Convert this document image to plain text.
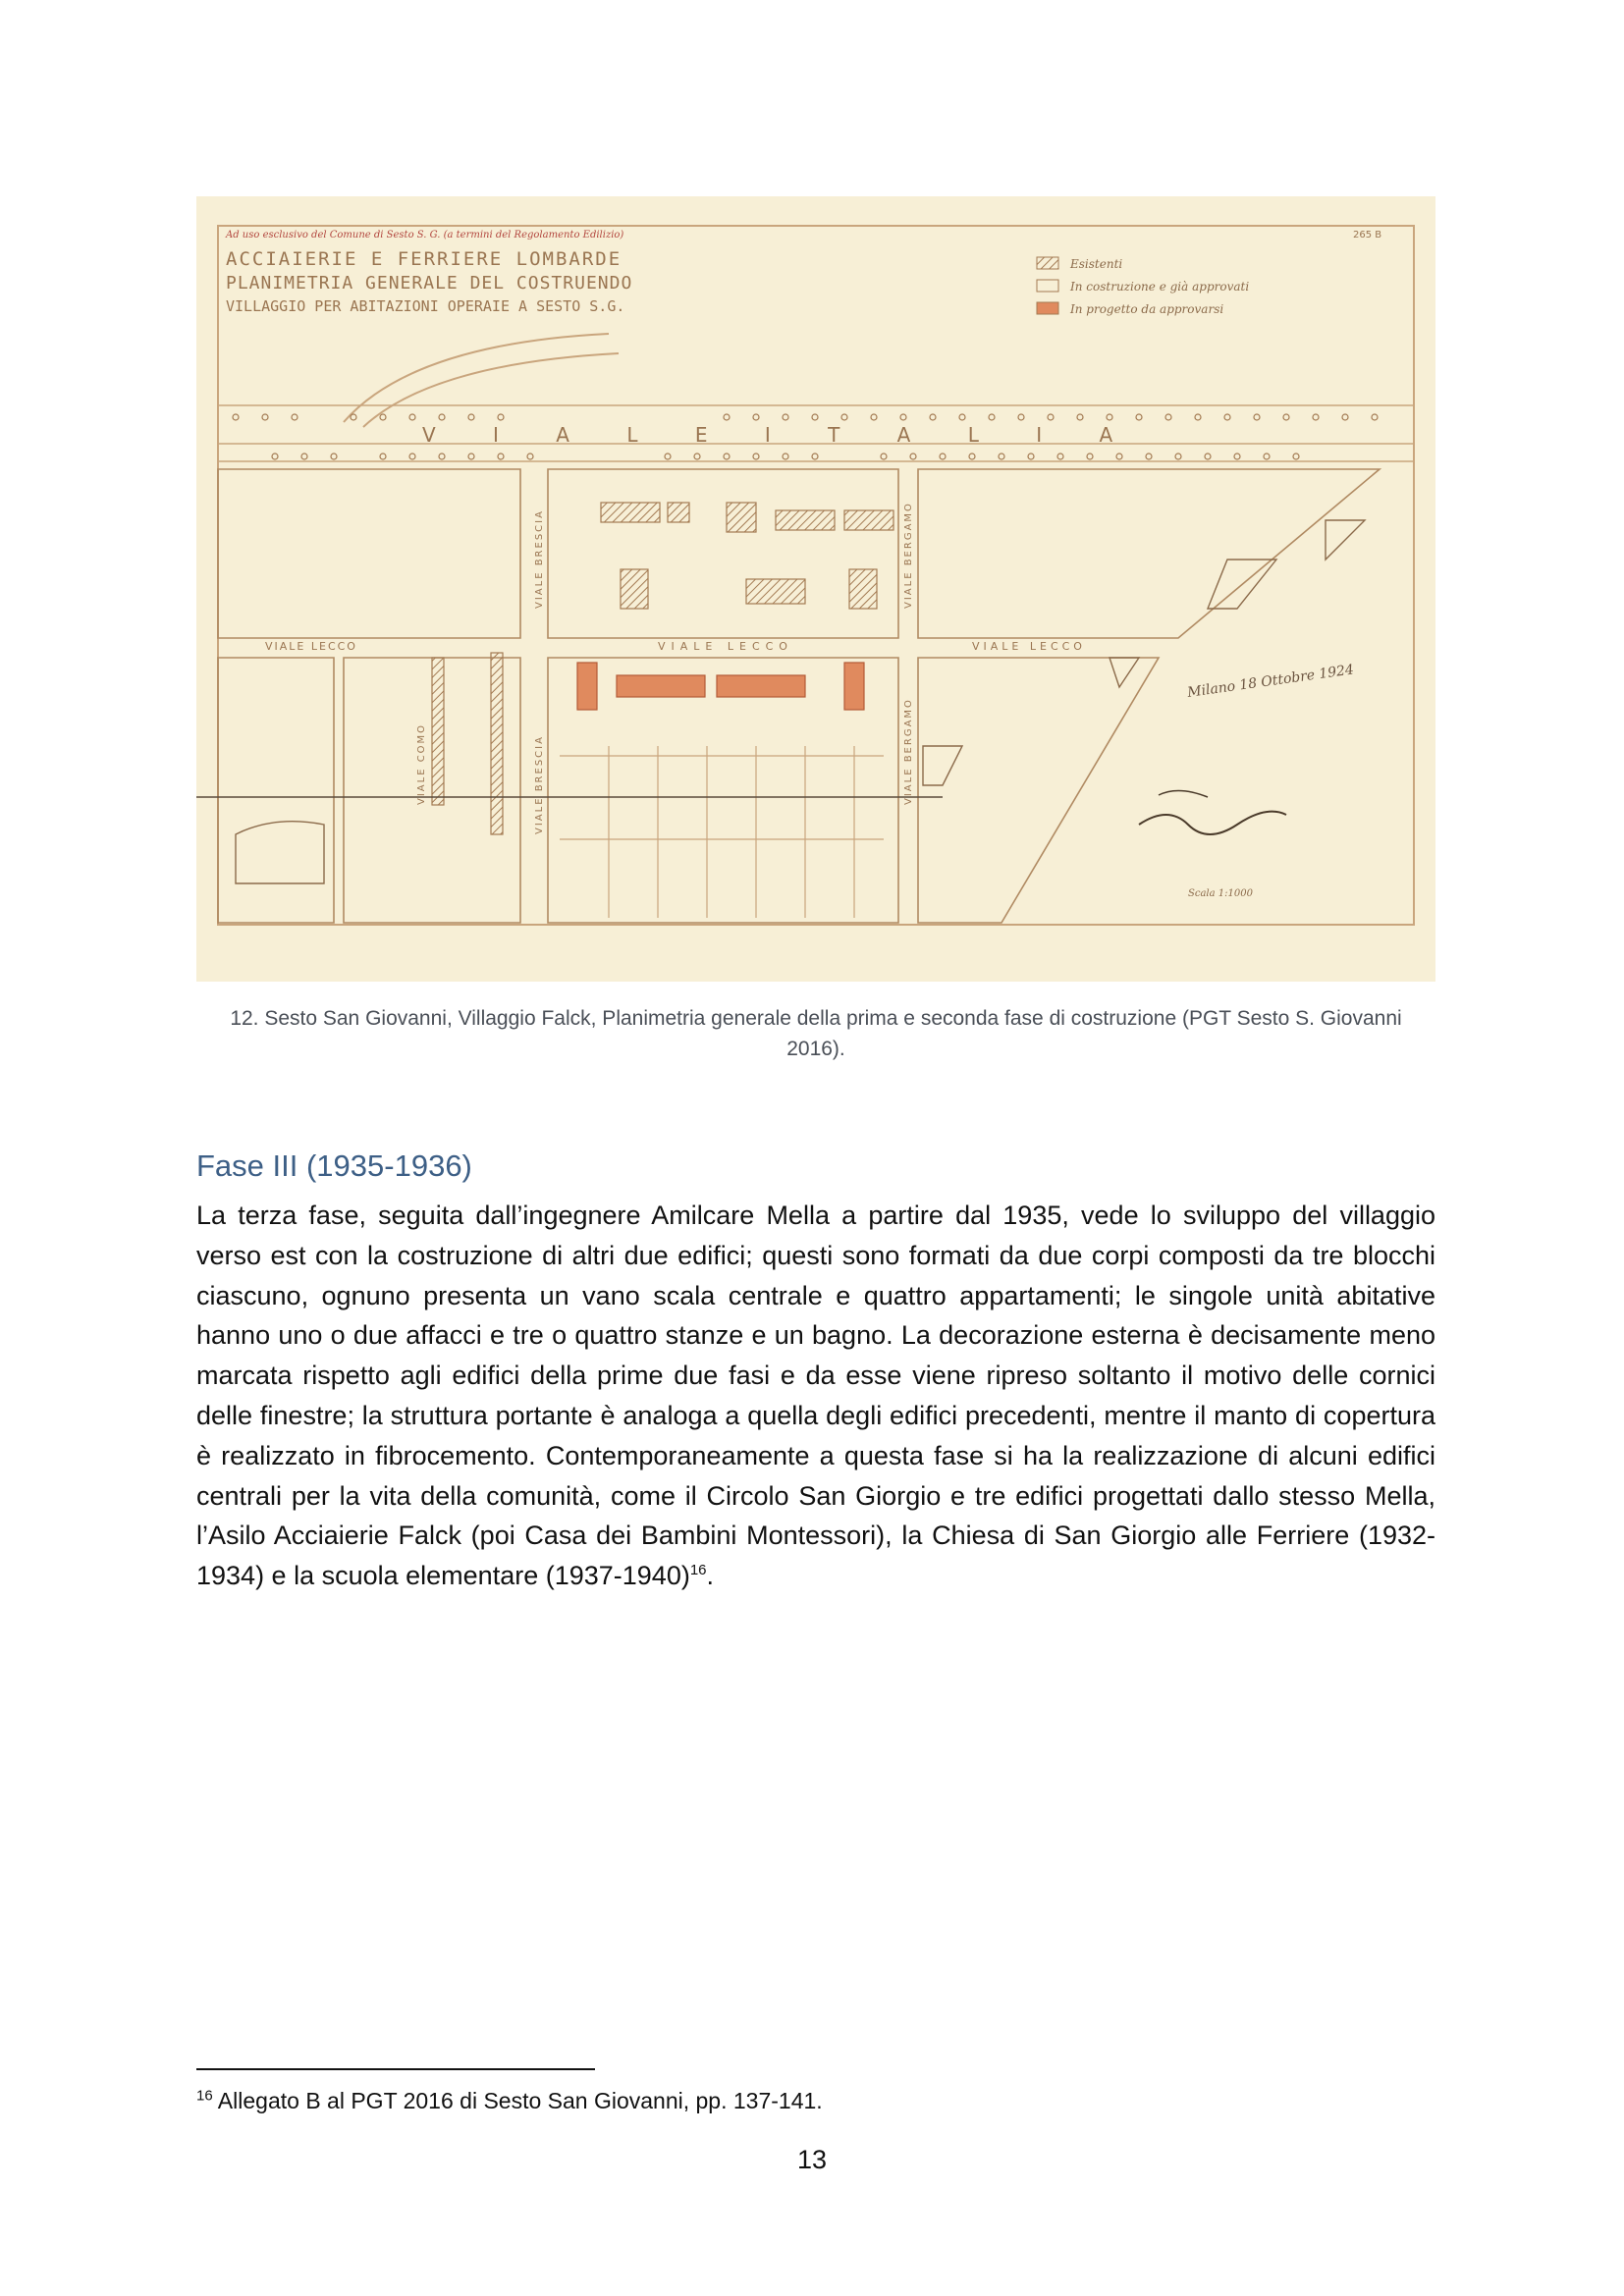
Ad uso esclusivo del Comune di Sesto S. G. (a termini del Regolamento Edilizio)
ACCIAIERIE E FERRIERE LOMBARDE
PLANIMETRIA GENERALE DEL COSTRUENDO
VILLAGGIO PER ABITAZIONI OPERAIE A SESTO S.G.
265 B
Esistenti
In costruzione e già approvati
In progetto da approvarsi
V I A L E I T A L I A
VIALE LECCO	VIALE LECCO	VIALE LECCO
VIALE BRESCIA
VIALE BRESCIA
VIALE BERGAMO
VIALE BERGAMO
VIALE COMO
Milano 18 Ottobre 1924
Scala 1:1000
12. Sesto San Giovanni, Villaggio Falck, Planimetria generale della prima e seconda fase di costruzione (PGT Sesto S. Giovanni 2016).
Fase III (1935-1936)

La terza fase, seguita dall’ingegnere Amilcare Mella a partire dal 1935, vede lo sviluppo del villaggio verso est con la costruzione di altri due edifici; questi sono formati da due corpi composti da tre blocchi ciascuno, ognuno presenta un vano scala centrale e quattro appartamenti; le singole unità abitative hanno uno o due affacci e tre o quattro stanze e un bagno. La decorazione esterna è decisamente meno marcata rispetto agli edifici della prime due fasi e da esse viene ripreso soltanto il motivo delle cornici delle finestre; la struttura portante è analoga a quella degli edifici precedenti, mentre il manto di copertura è realizzato in fibrocemento. Contemporaneamente a questa fase si ha la realizzazione di alcuni edifici centrali per la vita della comunità, come il Circolo San Giorgio e tre edifici progettati dallo stesso Mella, l’Asilo Acciaierie Falck (poi Casa dei Bambini Montessori), la Chiesa di San Giorgio alle Ferriere (1932-1934) e la scuola elementare (1937-1940)$^{16}$.

$^{16}$ Allegato B al PGT 2016 di Sesto San Giovanni, pp. 137-141.

13
